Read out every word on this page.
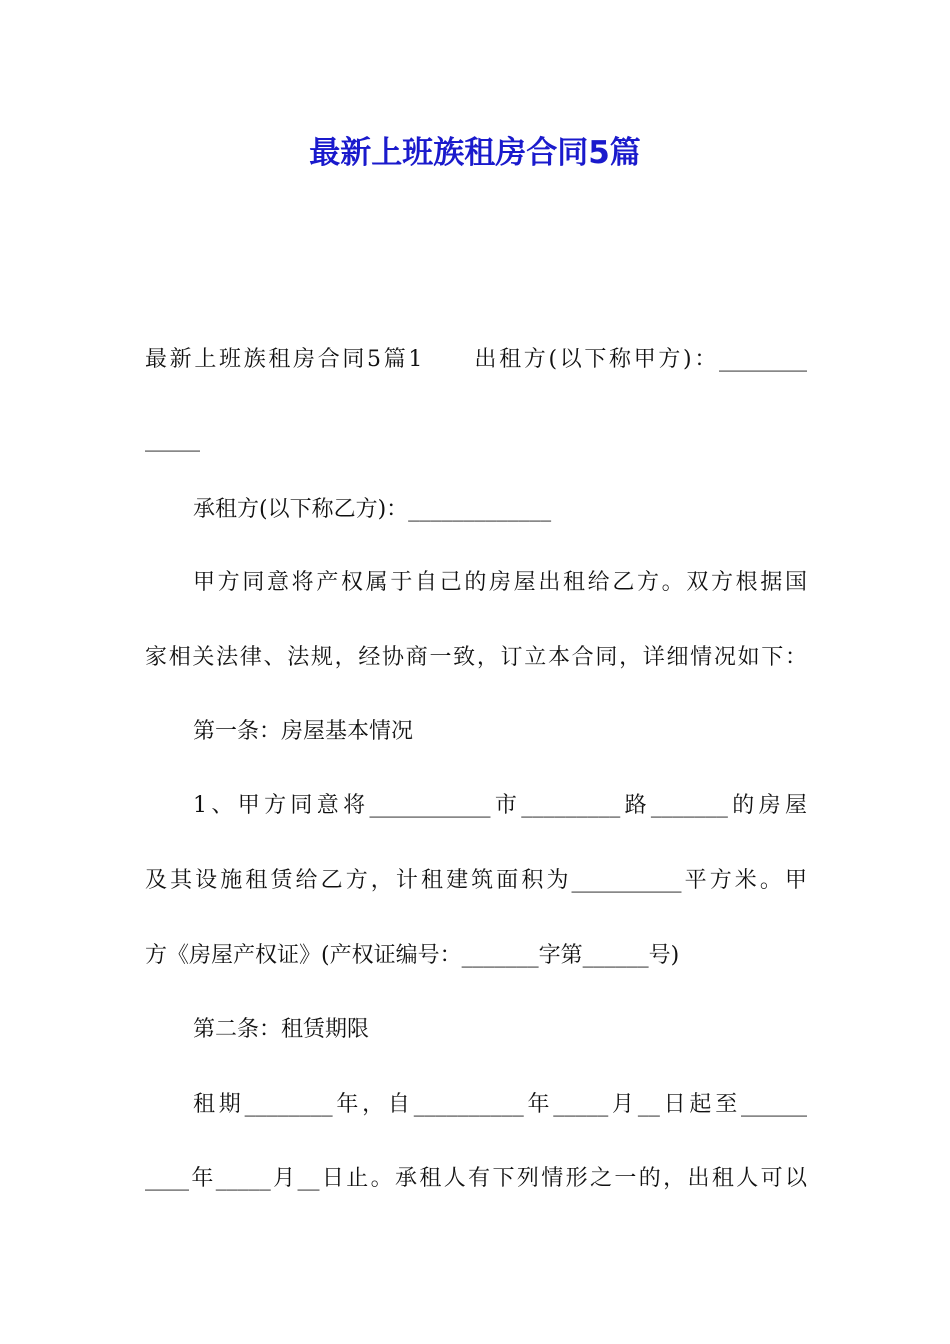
最新上班族租房合同5篇
最新上班族租房合同5篇1　　出租方(以下称甲方)：________
_____
承租方(以下称乙方)：_____________
甲方同意将产权属于自己的房屋出租给乙方。双方根据国
家相关法律、法规，经协商一致，订立本合同，详细情况如下：
第一条：房屋基本情况
1、甲方同意将___________市_________路_______的房屋
及其设施租赁给乙方，计租建筑面积为__________平方米。甲
方《房屋产权证》(产权证编号：_______字第______号)
第二条：租赁期限
租期________年，自__________年_____月__日起至______
____年_____月__日止。承租人有下列情形之一的，出租人可以
